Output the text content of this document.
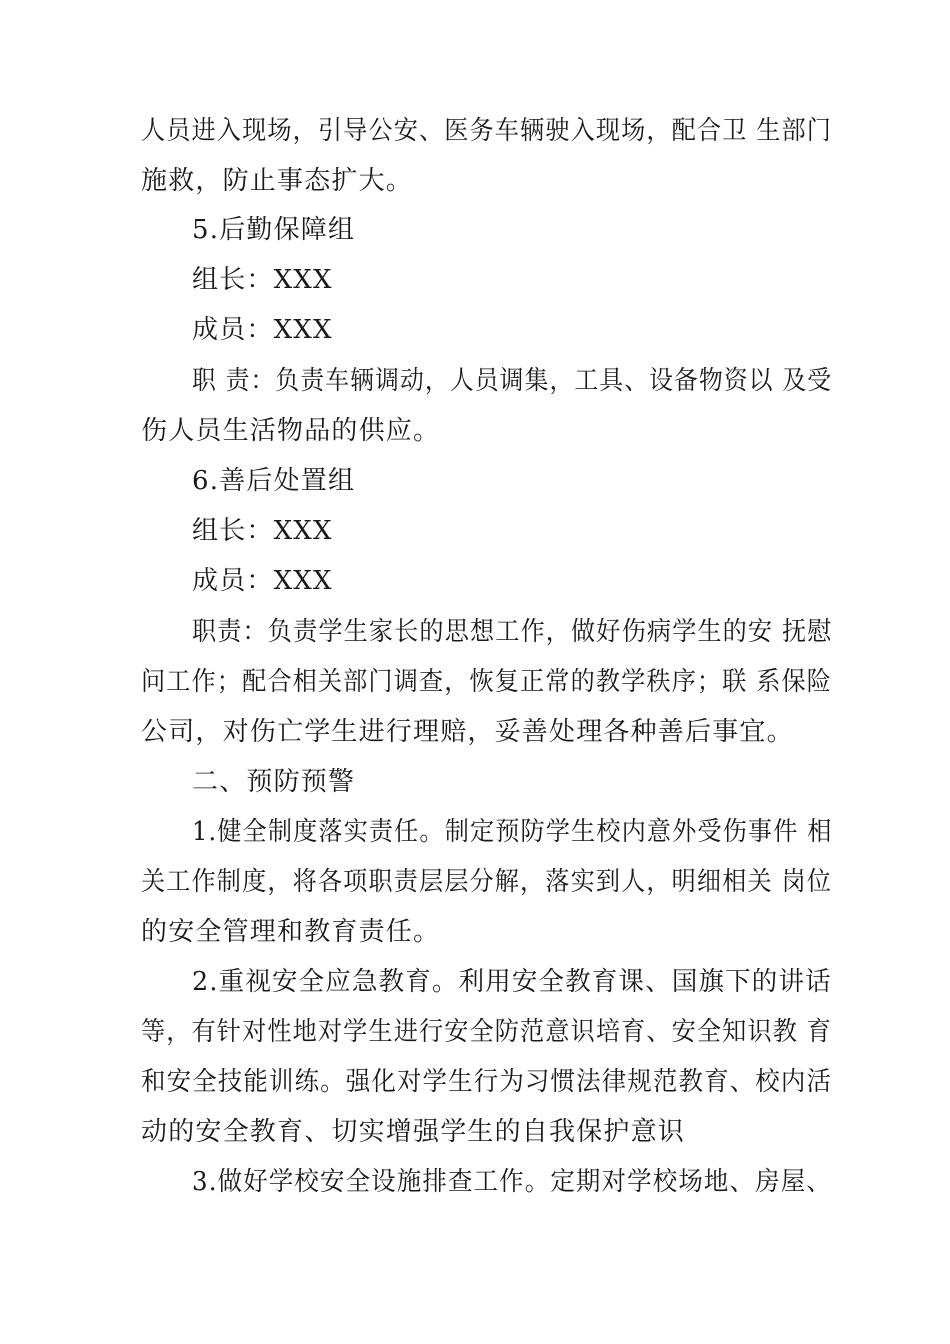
人员进入现场，引导公安、医务车辆驶入现场，配合卫 生部门
施救，防止事态扩大。
5.后勤保障组
组长：XXX
成员：XXX
职 责：负责车辆调动，人员调集，工具、设备物资以 及受
伤人员生活物品的供应。
6.善后处置组
组长：XXX
成员：XXX
职责：负责学生家长的思想工作，做好伤病学生的安 抚慰
问工作；配合相关部门调查，恢复正常的教学秩序；联 系保险
公司，对伤亡学生进行理赔，妥善处理各种善后事宜。
二、预防预警
1.健全制度落实责任。制定预防学生校内意外受伤事件 相
关工作制度，将各项职责层层分解，落实到人，明细相关 岗位
的安全管理和教育责任。
2.重视安全应急教育。利用安全教育课、国旗下的讲话
等，有针对性地对学生进行安全防范意识培育、安全知识教 育
和安全技能训练。强化对学生行为习惯法律规范教育、校内活
动的安全教育、切实增强学生的自我保护意识
3.做好学校安全设施排查工作。定期对学校场地、房屋、
